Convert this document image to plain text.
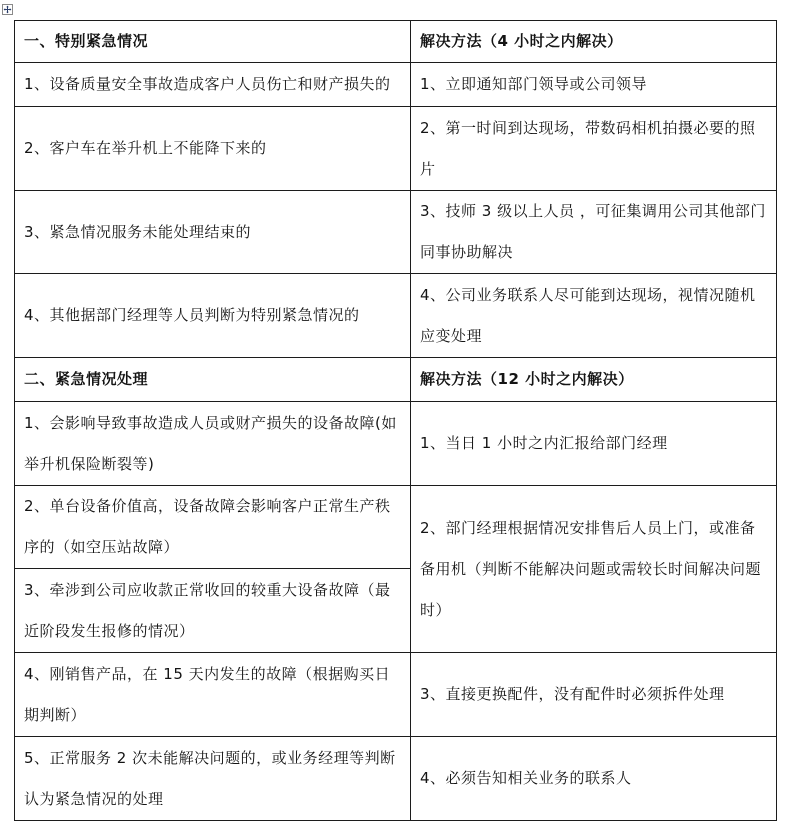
一、特别紧急情况	解决方法（4 小时之内解决）
1、设备质量安全事故造成客户人员伤亡和财产损失的	1、立即通知部门领导或公司领导
2、客户车在举升机上不能降下来的	2、第一时间到达现场，带数码相机拍摄必要的照片
3、紧急情况服务未能处理结束的	3、技师 3 级以上人员 ，可征集调用公司其他部门同事协助解决
4、其他据部门经理等人员判断为特别紧急情况的	4、公司业务联系人尽可能到达现场，视情况随机应变处理
二、紧急情况处理	解决方法（12 小时之内解决）
1、会影响导致事故造成人员或财产损失的设备故障(如举升机保险断裂等)	1、当日 1 小时之内汇报给部门经理
2、单台设备价值高，设备故障会影响客户正常生产秩序的（如空压站故障）	2、部门经理根据情况安排售后人员上门，或准备备用机（判断不能解决问题或需较长时间解决问题时）
3、牵涉到公司应收款正常收回的较重大设备故障（最近阶段发生报修的情况）	
4、刚销售产品，在 15 天内发生的故障（根据购买日期判断）	3、直接更换配件，没有配件时必须拆件处理
5、正常服务 2 次未能解决问题的，或业务经理等判断认为紧急情况的处理	4、必须告知相关业务的联系人
